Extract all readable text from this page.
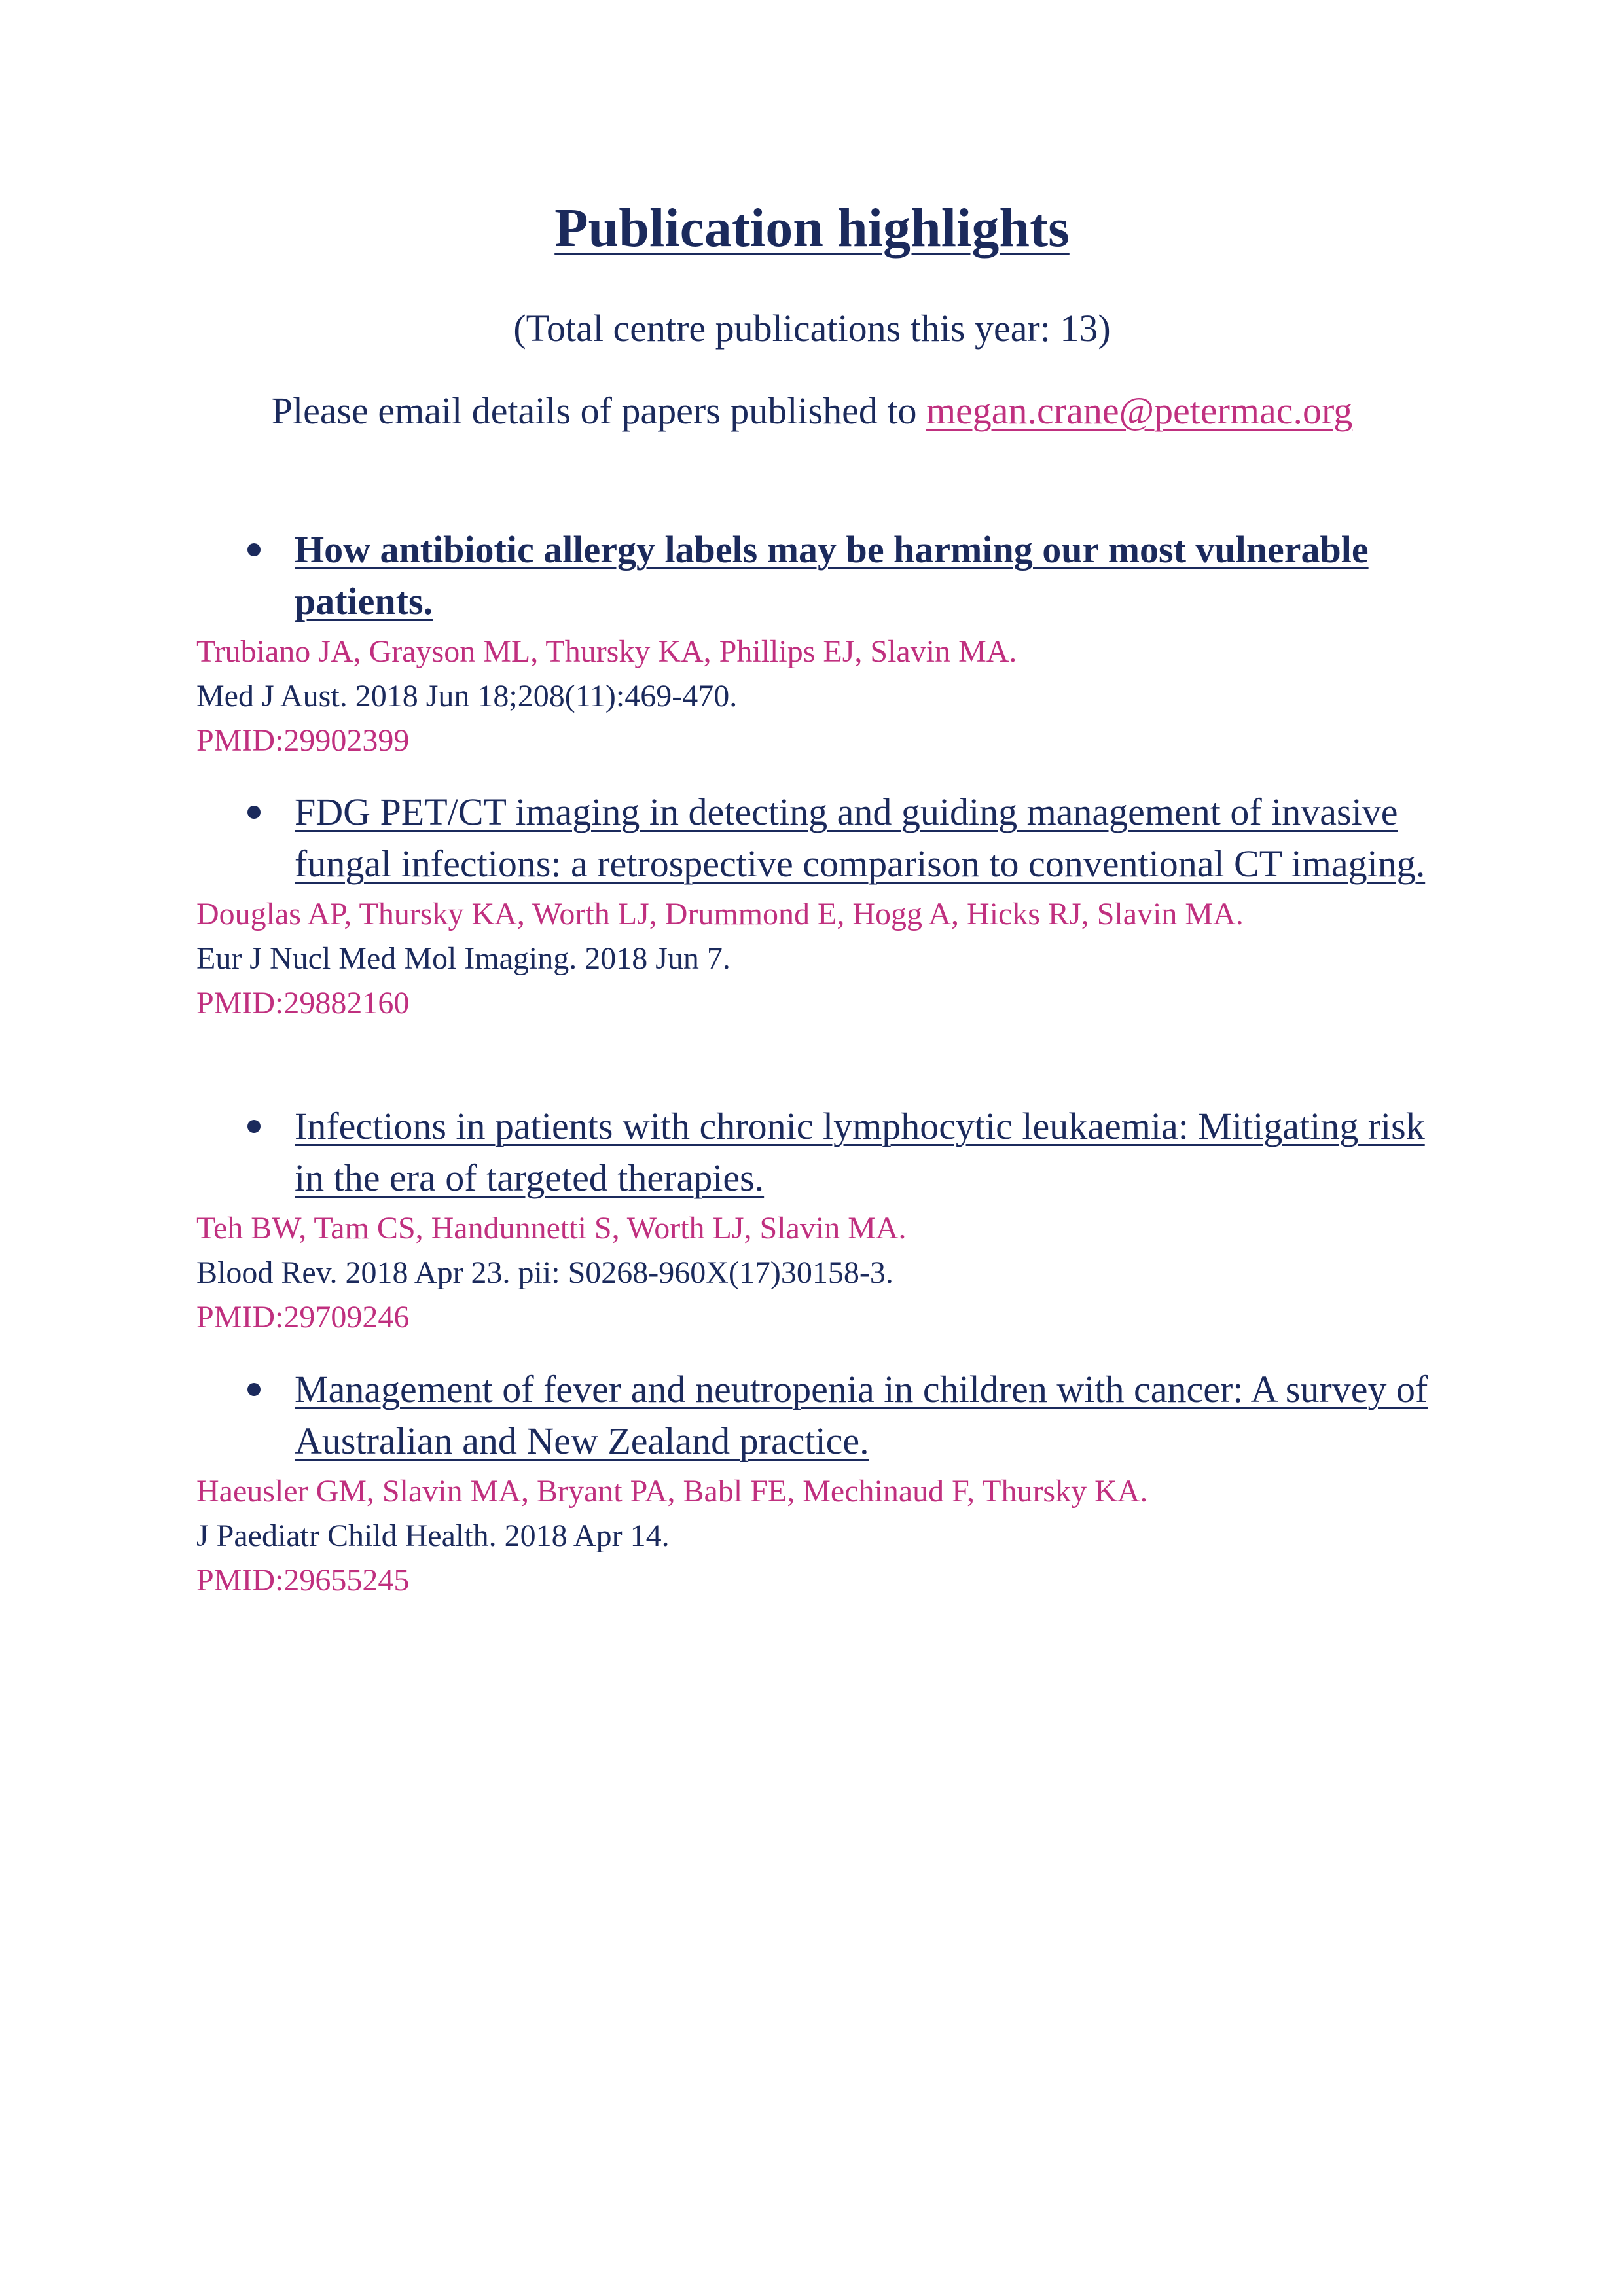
Publication highlights

(Total centre publications this year: 13)

Please email details of papers published to megan.crane@petermac.org

How antibiotic allergy labels may be harming our most vulnerable patients.
Trubiano JA, Grayson ML, Thursky KA, Phillips EJ, Slavin MA.
Med J Aust. 2018 Jun 18;208(11):469-470.
PMID:29902399
FDG PET/CT imaging in detecting and guiding management of invasive fungal infections: a retrospective comparison to conventional CT imaging.
Douglas AP, Thursky KA, Worth LJ, Drummond E, Hogg A, Hicks RJ, Slavin MA.
Eur J Nucl Med Mol Imaging. 2018 Jun 7.
PMID:29882160
Infections in patients with chronic lymphocytic leukaemia: Mitigating risk in the era of targeted therapies.
Teh BW, Tam CS, Handunnetti S, Worth LJ, Slavin MA.
Blood Rev. 2018 Apr 23. pii: S0268-960X(17)30158-3.
PMID:29709246
Management of fever and neutropenia in children with cancer: A survey of Australian and New Zealand practice.
Haeusler GM, Slavin MA, Bryant PA, Babl FE, Mechinaud F, Thursky KA.
J Paediatr Child Health. 2018 Apr 14.
PMID:29655245
